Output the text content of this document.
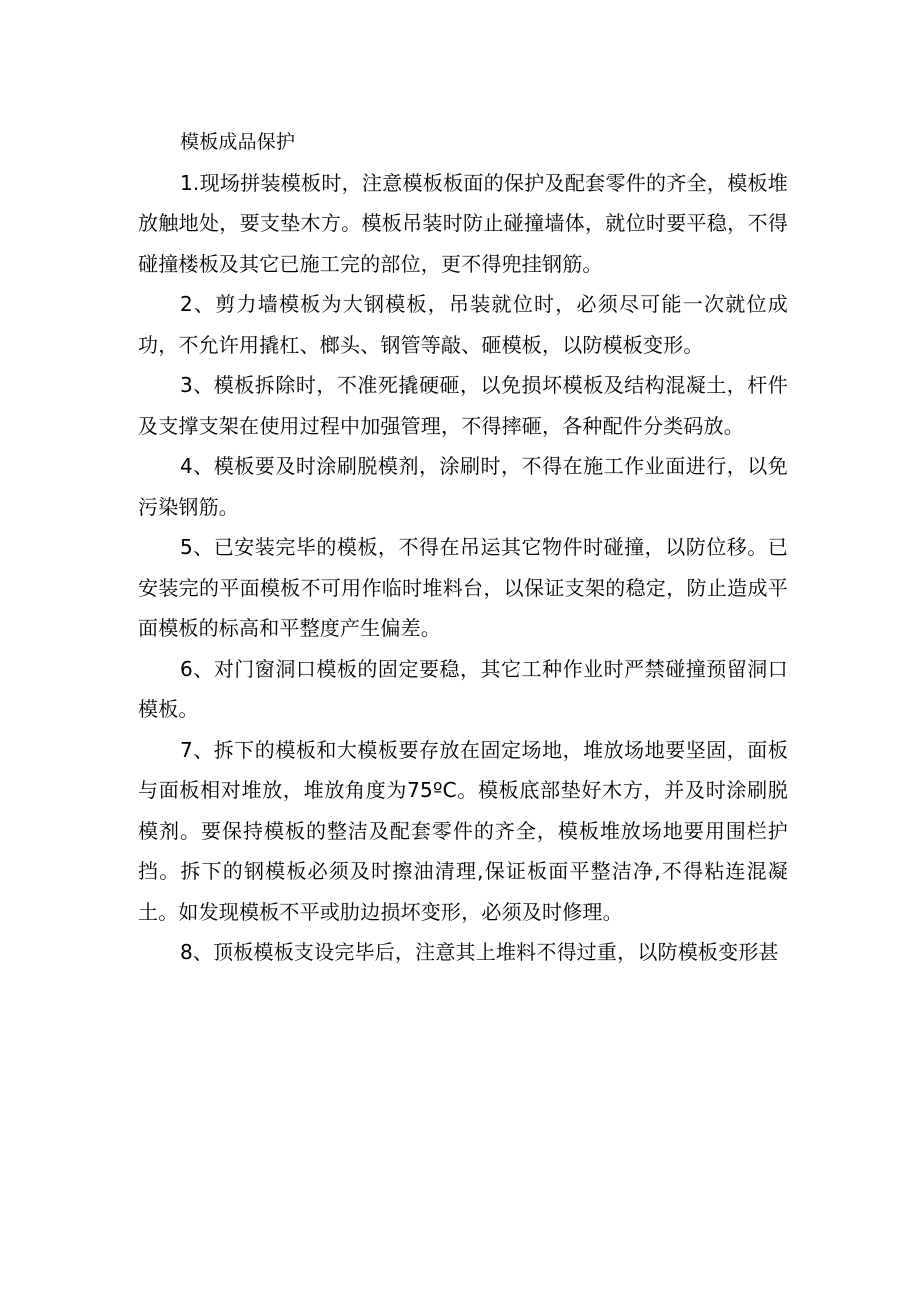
模板成品保护

1.现场拼装模板时，注意模板板面的保护及配套零件的齐全，模板堆放触地处，要支垫木方。模板吊装时防止碰撞墙体，就位时要平稳，不得碰撞楼板及其它已施工完的部位，更不得兜挂钢筋。

2、剪力墙模板为大钢模板，吊装就位时，必须尽可能一次就位成功，不允许用撬杠、榔头、钢管等敲、砸模板，以防模板变形。

3、模板拆除时，不准死撬硬砸，以免损坏模板及结构混凝土，杆件及支撑支架在使用过程中加强管理，不得摔砸，各种配件分类码放。

4、模板要及时涂刷脱模剂，涂刷时，不得在施工作业面进行，以免污染钢筋。

5、已安装完毕的模板，不得在吊运其它物件时碰撞，以防位移。已安装完的平面模板不可用作临时堆料台，以保证支架的稳定，防止造成平面模板的标高和平整度产生偏差。

6、对门窗洞口模板的固定要稳，其它工种作业时严禁碰撞预留洞口模板。

7、拆下的模板和大模板要存放在固定场地，堆放场地要坚固，面板与面板相对堆放，堆放角度为75ºC。模板底部垫好木方，并及时涂刷脱模剂。要保持模板的整洁及配套零件的齐全，模板堆放场地要用围栏护挡。拆下的钢模板必须及时擦油清理,保证板面平整洁净,不得粘连混凝土。如发现模板不平或肋边损坏变形，必须及时修理。

8、顶板模板支设完毕后，注意其上堆料不得过重，以防模板变形甚
